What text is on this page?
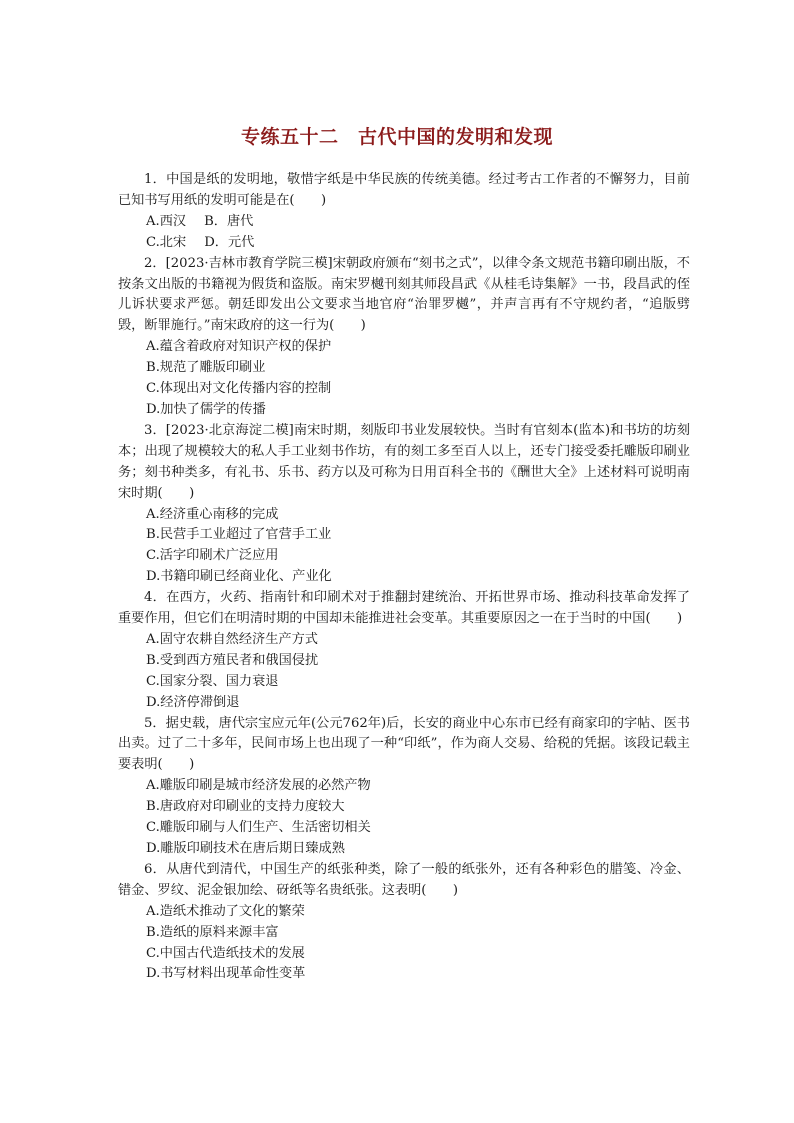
专练五十二　古代中国的发明和发现

1．中国是纸的发明地，敬惜字纸是中华民族的传统美德。经过考古工作者的不懈努力，目前已知书写用纸的发明可能是在(　　)

A.西汉 B．唐代
C.北宋 D．元代

2．[2023·吉林市教育学院三模]宋朝政府颁布“刻书之式”，以律令条文规范书籍印刷出版，不按条文出版的书籍视为假货和盗版。南宋罗樾刊刻其师段昌武《从桂毛诗集解》一书，段昌武的侄儿诉状要求严惩。朝廷即发出公文要求当地官府“治罪罗樾”，并声言再有不守规约者，“追版劈毁，断罪施行。”南宋政府的这一行为(　　)

A.蕴含着政府对知识产权的保护
B.规范了雕版印刷业
C.体现出对文化传播内容的控制
D.加快了儒学的传播

3．[2023·北京海淀二模]南宋时期，刻版印书业发展较快。当时有官刻本(监本)和书坊的坊刻本；出现了规模较大的私人手工业刻书作坊，有的刻工多至百人以上，还专门接受委托雕版印刷业务；刻书种类多，有礼书、乐书、药方以及可称为日用百科全书的《酬世大全》上述材料可说明南宋时期(　　)

A.经济重心南移的完成
B.民营手工业超过了官营手工业
C.活字印刷术广泛应用
D.书籍印刷已经商业化、产业化

4．在西方，火药、指南针和印刷术对于推翻封建统治、开拓世界市场、推动科技革命发挥了重要作用，但它们在明清时期的中国却未能推进社会变革。其重要原因之一在于当时的中国(　　)

A.固守农耕自然经济生产方式
B.受到西方殖民者和俄国侵扰
C.国家分裂、国力衰退
D.经济停滞倒退

5．据史载，唐代宗宝应元年(公元762年)后，长安的商业中心东市已经有商家印的字帖、医书出卖。过了二十多年，民间市场上也出现了一种“印纸”，作为商人交易、给税的凭据。该段记载主要表明(　　)

A.雕版印刷是城市经济发展的必然产物
B.唐政府对印刷业的支持力度较大
C.雕版印刷与人们生产、生活密切相关
D.雕版印刷技术在唐后期日臻成熟

6．从唐代到清代，中国生产的纸张种类，除了一般的纸张外，还有各种彩色的腊笺、冷金、错金、罗纹、泥金银加绘、砑纸等名贵纸张。这表明(　　)

A.造纸术推动了文化的繁荣
B.造纸的原料来源丰富
C.中国古代造纸技术的发展
D.书写材料出现革命性变革
